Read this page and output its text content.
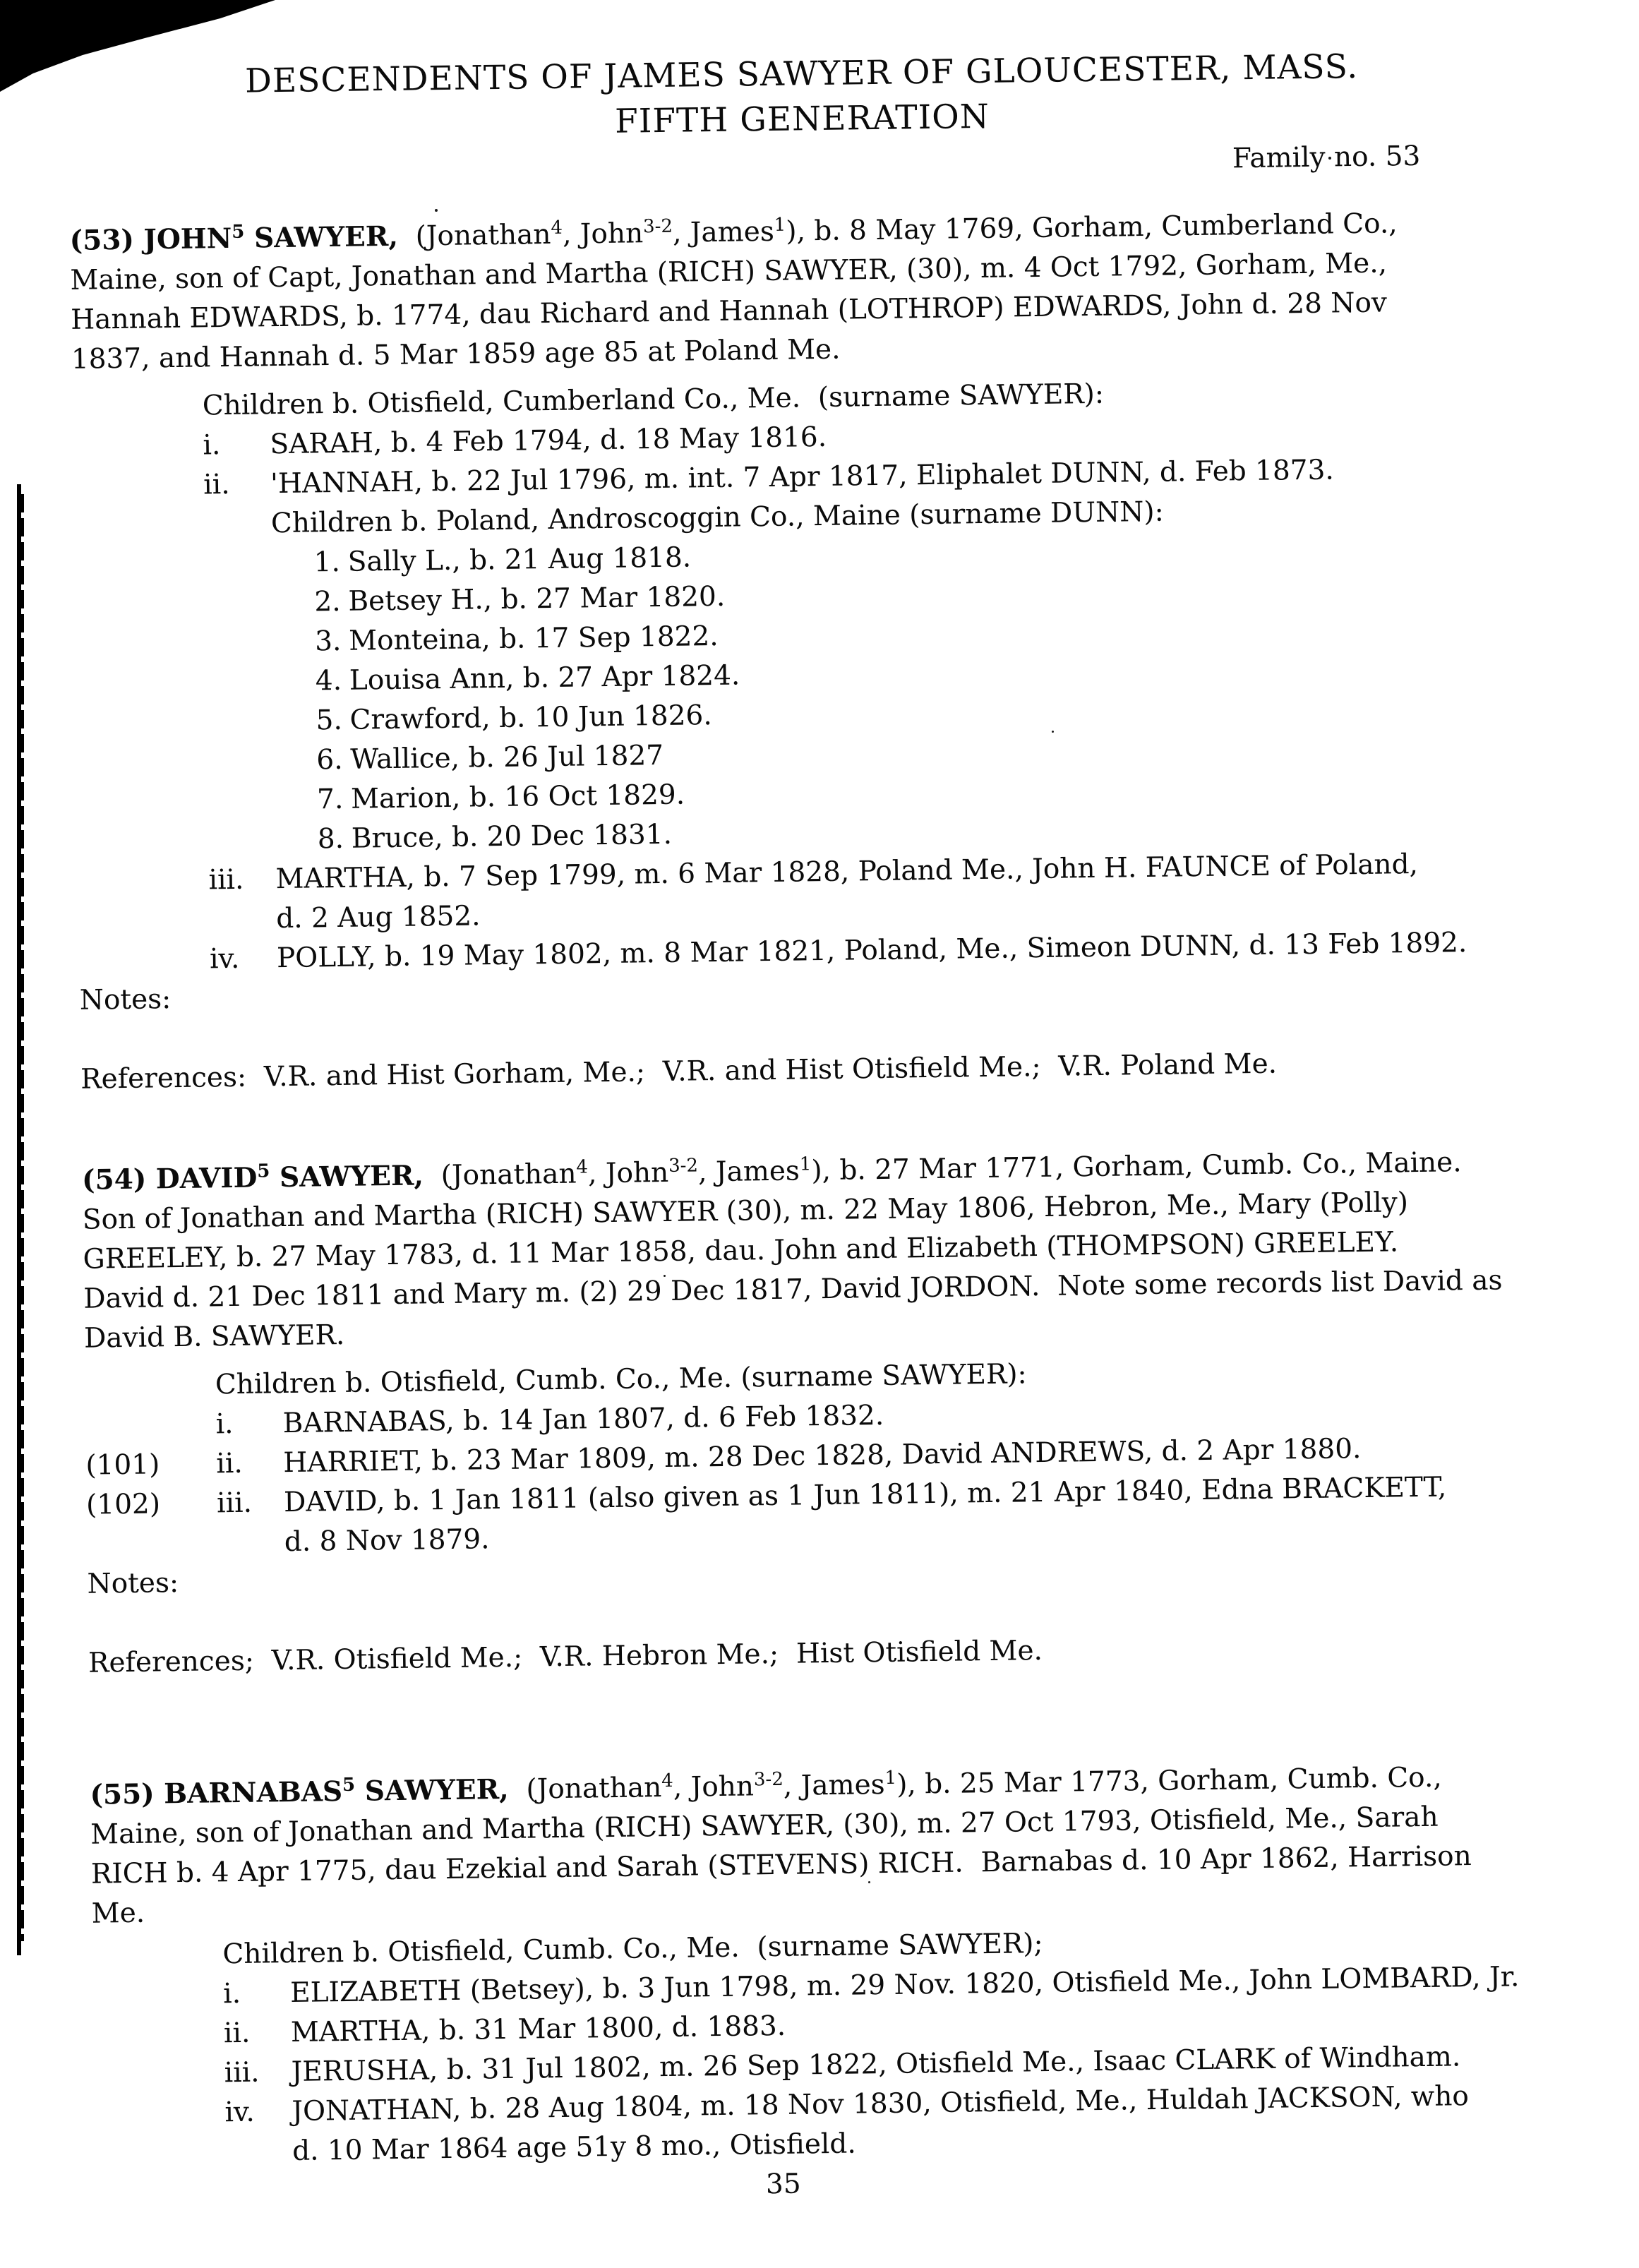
DESCENDENTS OF JAMES SAWYER OF GLOUCESTER, MASS.
FIFTH GENERATION
Family no. 53
(53) JOHN$^5$ SAWYER,  (Jonathan$^4$, John$^{3-2}$, James$^1$), b. 8 May 1769, Gorham, Cumberland Co.,
Maine, son of Capt, Jonathan and Martha (RICH) SAWYER, (30), m. 4 Oct 1792, Gorham, Me.,
Hannah EDWARDS, b. 1774, dau Richard and Hannah (LOTHROP) EDWARDS, John d. 28 Nov
1837, and Hannah d. 5 Mar 1859 age 85 at Poland Me.
Children b. Otisfield, Cumberland Co., Me.  (surname SAWYER):
i.	SARAH, b. 4 Feb 1794, d. 18 May 1816.
ii.	'HANNAH, b. 22 Jul 1796, m. int. 7 Apr 1817, Eliphalet DUNN, d. Feb 1873.
Children b. Poland, Androscoggin Co., Maine (surname DUNN):
1. Sally L., b. 21 Aug 1818.
2. Betsey H., b. 27 Mar 1820.
3. Monteina, b. 17 Sep 1822.
4. Louisa Ann, b. 27 Apr 1824.
5. Crawford, b. 10 Jun 1826.
6. Wallice, b. 26 Jul 1827
7. Marion, b. 16 Oct 1829.
8. Bruce, b. 20 Dec 1831.
iii.	MARTHA, b. 7 Sep 1799, m. 6 Mar 1828, Poland Me., John H. FAUNCE of Poland,
d. 2 Aug 1852.
iv.	POLLY, b. 19 May 1802, m. 8 Mar 1821, Poland, Me., Simeon DUNN, d. 13 Feb 1892.
Notes:
References:  V.R. and Hist Gorham, Me.;  V.R. and Hist Otisfield Me.;  V.R. Poland Me.
(54) DAVID$^5$ SAWYER,  (Jonathan$^4$, John$^{3-2}$, James$^1$), b. 27 Mar 1771, Gorham, Cumb. Co., Maine.
Son of Jonathan and Martha (RICH) SAWYER (30), m. 22 May 1806, Hebron, Me., Mary (Polly)
GREELEY, b. 27 May 1783, d. 11 Mar 1858, dau. John and Elizabeth (THOMPSON) GREELEY.
David d. 21 Dec 1811 and Mary m. (2) 29 Dec 1817, David JORDON.  Note some records list David as
David B. SAWYER.
Children b. Otisfield, Cumb. Co., Me. (surname SAWYER):
i.	BARNABAS, b. 14 Jan 1807, d. 6 Feb 1832.
(101) ii.	HARRIET, b. 23 Mar 1809, m. 28 Dec 1828, David ANDREWS, d. 2 Apr 1880.
(102) iii.	DAVID, b. 1 Jan 1811 (also given as 1 Jun 1811), m. 21 Apr 1840, Edna BRACKETT,
d. 8 Nov 1879.
Notes:
References;  V.R. Otisfield Me.;  V.R. Hebron Me.;  Hist Otisfield Me.
(55) BARNABAS$^5$ SAWYER,  (Jonathan$^4$, John$^{3-2}$, James$^1$), b. 25 Mar 1773, Gorham, Cumb. Co.,
Maine, son of Jonathan and Martha (RICH) SAWYER, (30), m. 27 Oct 1793, Otisfield, Me., Sarah
RICH b. 4 Apr 1775, dau Ezekial and Sarah (STEVENS) RICH.  Barnabas d. 10 Apr 1862, Harrison
Me.
Children b. Otisfield, Cumb. Co., Me.  (surname SAWYER);
i.	ELIZABETH (Betsey), b. 3 Jun 1798, m. 29 Nov. 1820, Otisfield Me., John LOMBARD, Jr.
ii.	MARTHA, b. 31 Mar 1800, d. 1883.
iii.	JERUSHA, b. 31 Jul 1802, m. 26 Sep 1822, Otisfield Me., Isaac CLARK of Windham.
iv.	JONATHAN, b. 28 Aug 1804, m. 18 Nov 1830, Otisfield, Me., Huldah JACKSON, who
d. 10 Mar 1864 age 51y 8 mo., Otisfield.
35
